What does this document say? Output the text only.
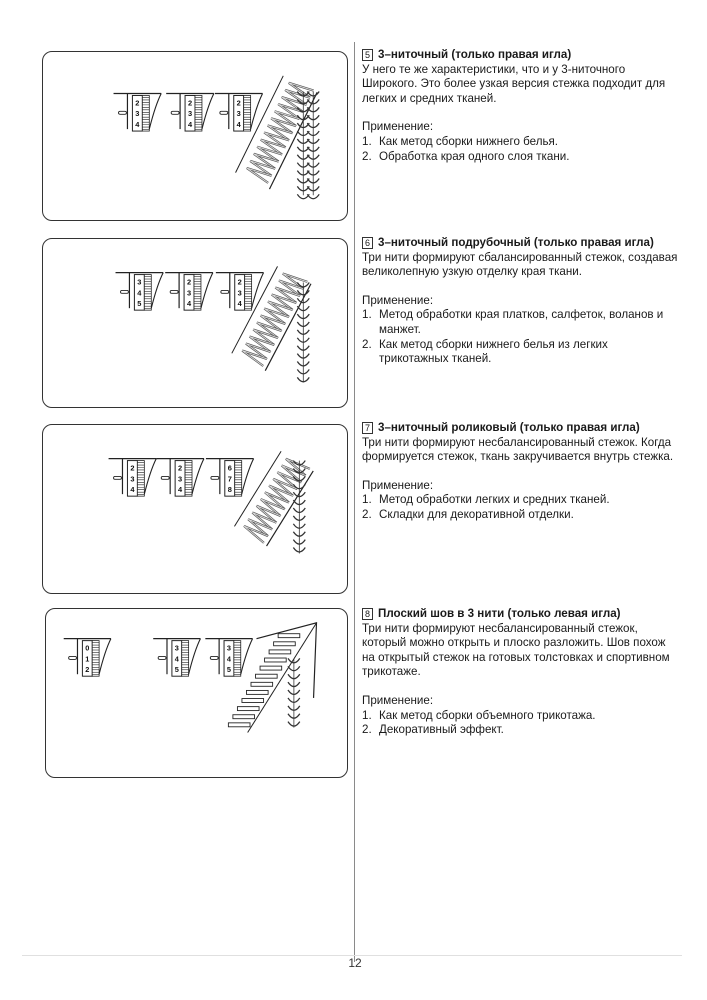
12
2
3
4
2
3
4
2
3
4
3
4
5
2
3
4
2
3
4
2
3
4
2
3
4
6
7
8
0
1
2
3
4
5
3
4
5

5 3–ниточный (только правая игла)

У него те же характеристики, что и у 3-ниточного Широкого. Это более узкая версия стежка подходит для легких и средних тканей.

Применение:

1. Как метод сборки нижнего белья.
2. Обработка края одного слоя ткани.

6 3–ниточный подрубочный (только правая игла)

Три нити формируют сбалансированный стежок, создавая великолепную узкую отделку края ткани.

Применение:

1. Метод обработки края платков, салфеток, воланов и манжет.
2. Как метод сборки нижнего белья из легких трикотажных тканей.

7 3–ниточный роликовый (только правая игла)

Три нити формируют несбалансированный стежок. Когда формируется стежок, ткань закручивается внутрь стежка.

Применение:

1. Метод обработки легких и средних тканей.
2. Складки для декоративной отделки.

8 Плоский шов в 3 нити (только левая игла)

Три нити формируют несбалансированный стежок, который можно открыть и плоско разложить. Шов похож на открытый стежок на готовых толстовках и спортивном трикотаже.

Применение:

1. Как метод сборки объемного трикотажа.
2. Декоративный эффект.
